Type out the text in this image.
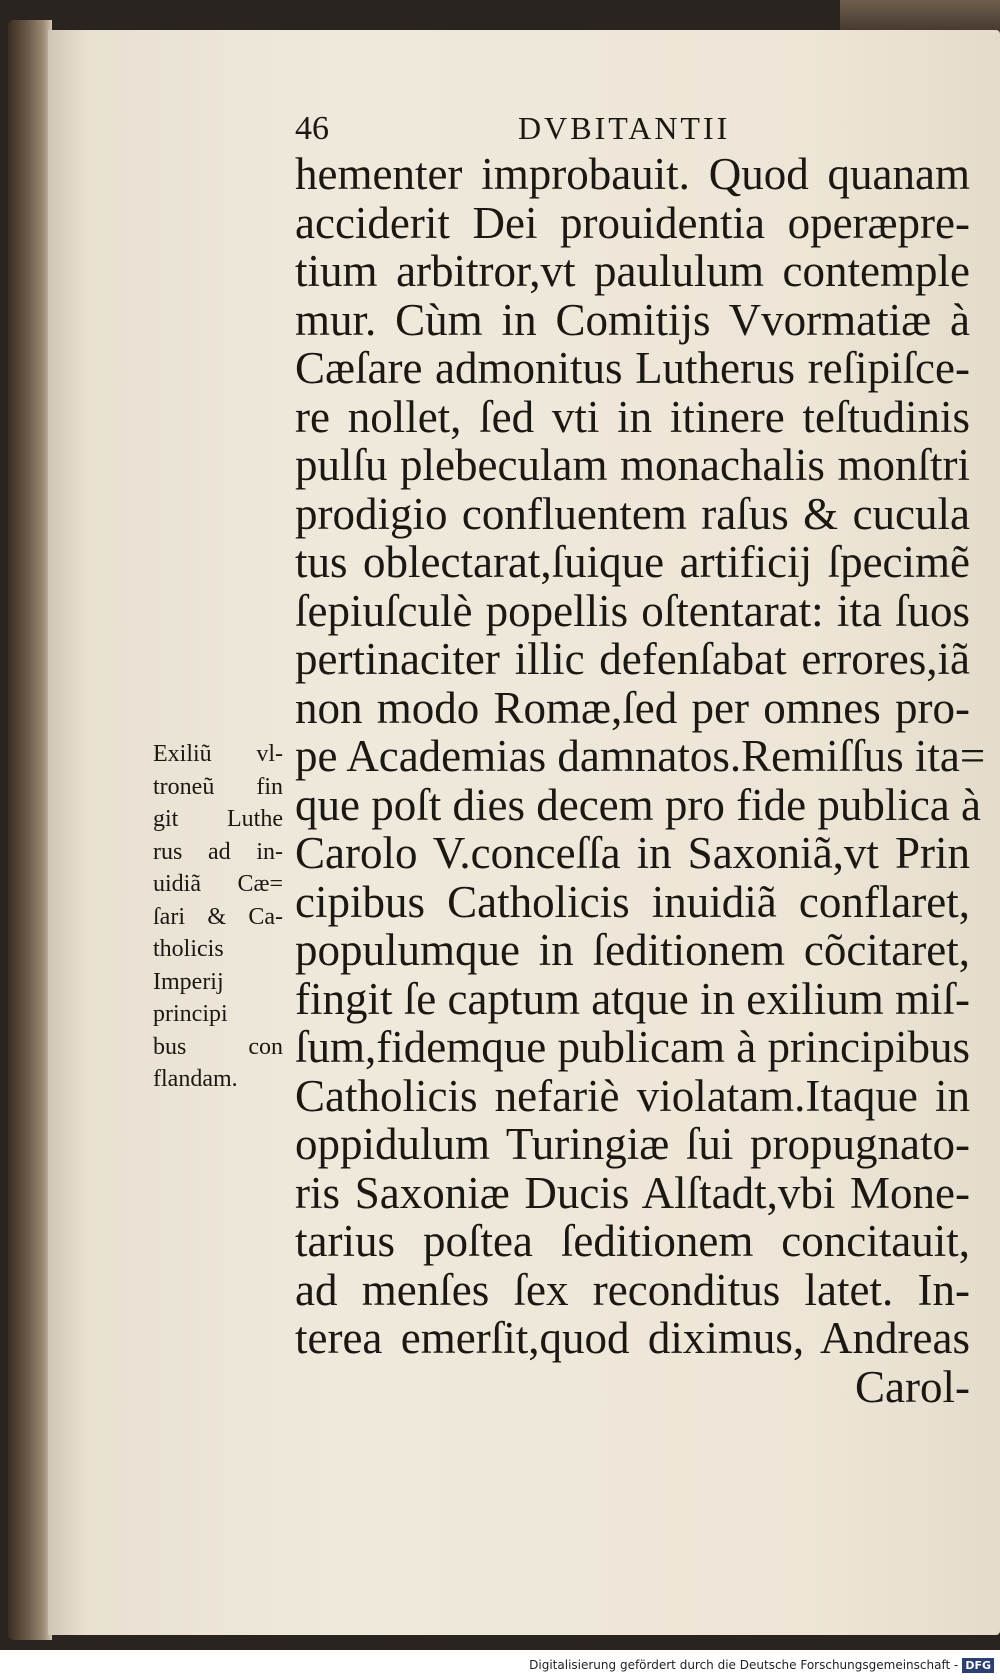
46	DVBITANTII
hementer improbauit. Quod quanam
acciderit Dei prouidentia operæpre-
tium arbitror,vt paululum contemple
mur. Cùm in Comitijs Vvormatiæ à
Cæſare admonitus Lutherus reſipiſce-
re nollet, ſed vti in itinere teſtudinis
pulſu plebeculam monachalis monſtri
prodigio confluentem raſus & cucula
tus oblectarat,ſuique artificij ſpecimẽ
ſepiuſculè popellis oſtentarat: ita ſuos
pertinaciter illic defenſabat errores,iã
non modo Romæ,ſed per omnes pro-
pe Academias damnatos.Remiſſus ita=
que poſt dies decem pro fide publica à
Carolo V.conceſſa in Saxoniã,vt Prin
cipibus Catholicis inuidiã conflaret,
populumque in ſeditionem cõcitaret,
fingit ſe captum atque in exilium miſ-
ſum,fidemque publicam à principibus
Catholicis nefariè violatam.Itaque in
oppidulum Turingiæ ſui propugnato-
ris Saxoniæ Ducis Alſtadt,vbi Mone-
tarius poſtea ſeditionem concitauit,
ad menſes ſex reconditus latet. In-
terea emerſit,quod diximus, Andreas
Carol-
Exiliũ vl-
troneũ fin
git Luthe
rus ad in-
uidiã Cæ=
ſari & Ca-
tholicis
Imperij
principi
bus con
flandam.
Digitalisierung gefördert durch die Deutsche Forschungsgemeinschaft - DFG
